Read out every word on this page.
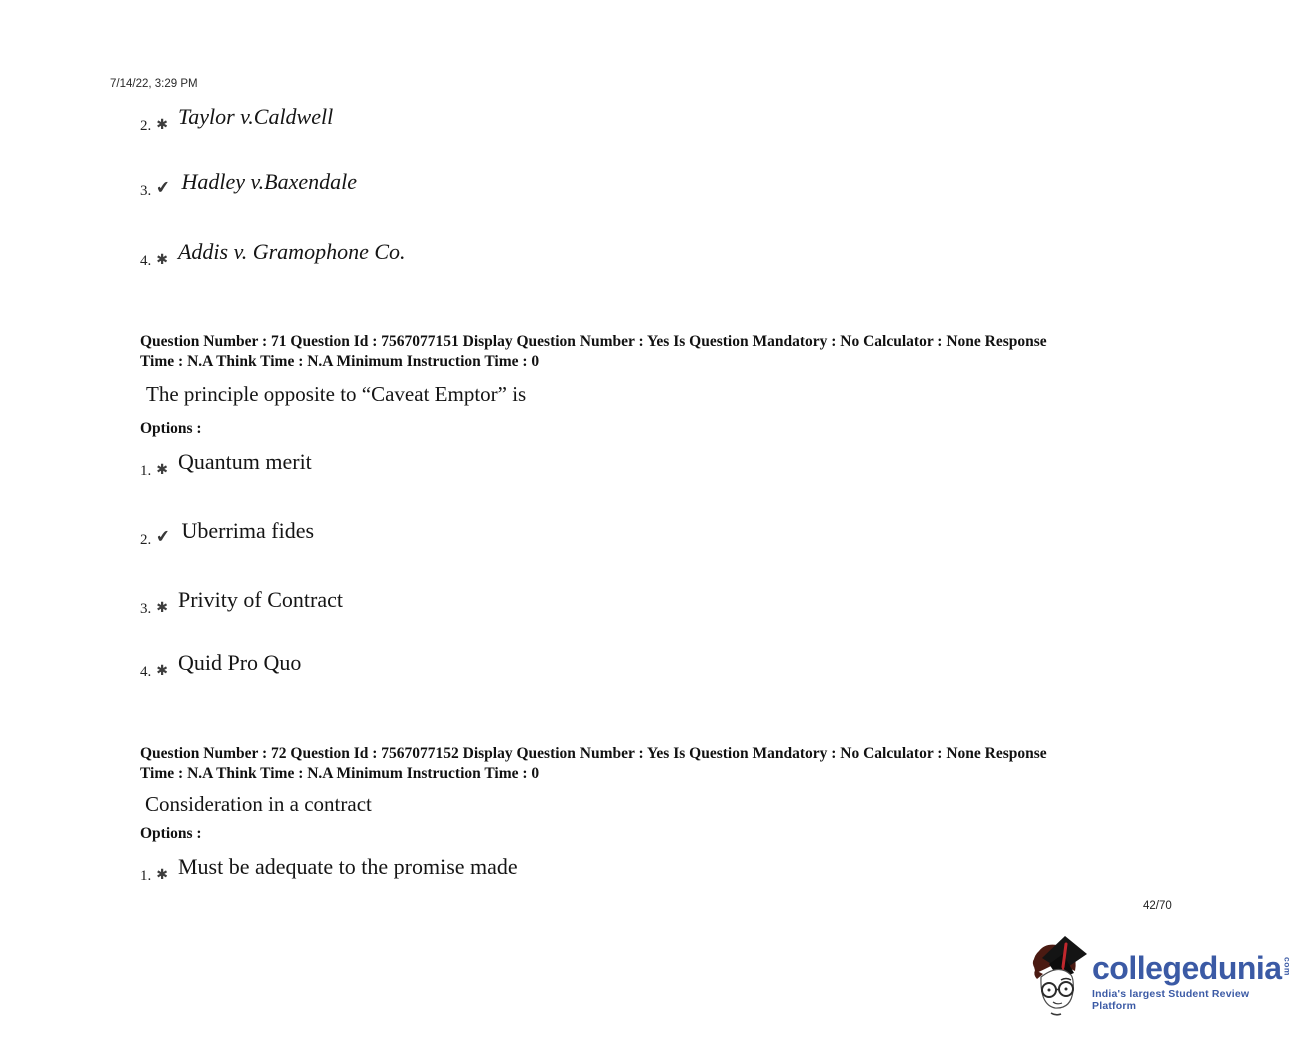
7/14/22, 3:29 PM
2. ✱ Taylor v.Caldwell
3. ✔ Hadley v.Baxendale
4. ✱ Addis v. Gramophone Co.
Question Number : 71 Question Id : 7567077151 Display Question Number : Yes Is Question Mandatory : No Calculator : None Response
Time : N.A Think Time : N.A Minimum Instruction Time : 0
The principle opposite to “Caveat Emptor” is
Options :
1. ✱ Quantum merit
2. ✔ Uberrima fides
3. ✱ Privity of Contract
4. ✱ Quid Pro Quo
Question Number : 72 Question Id : 7567077152 Display Question Number : Yes Is Question Mandatory : No Calculator : None Response
Time : N.A Think Time : N.A Minimum Instruction Time : 0
Consideration in a contract
Options :
1. ✱ Must be adequate to the promise made
42/70
collegedunia com
India's largest Student Review Platform
